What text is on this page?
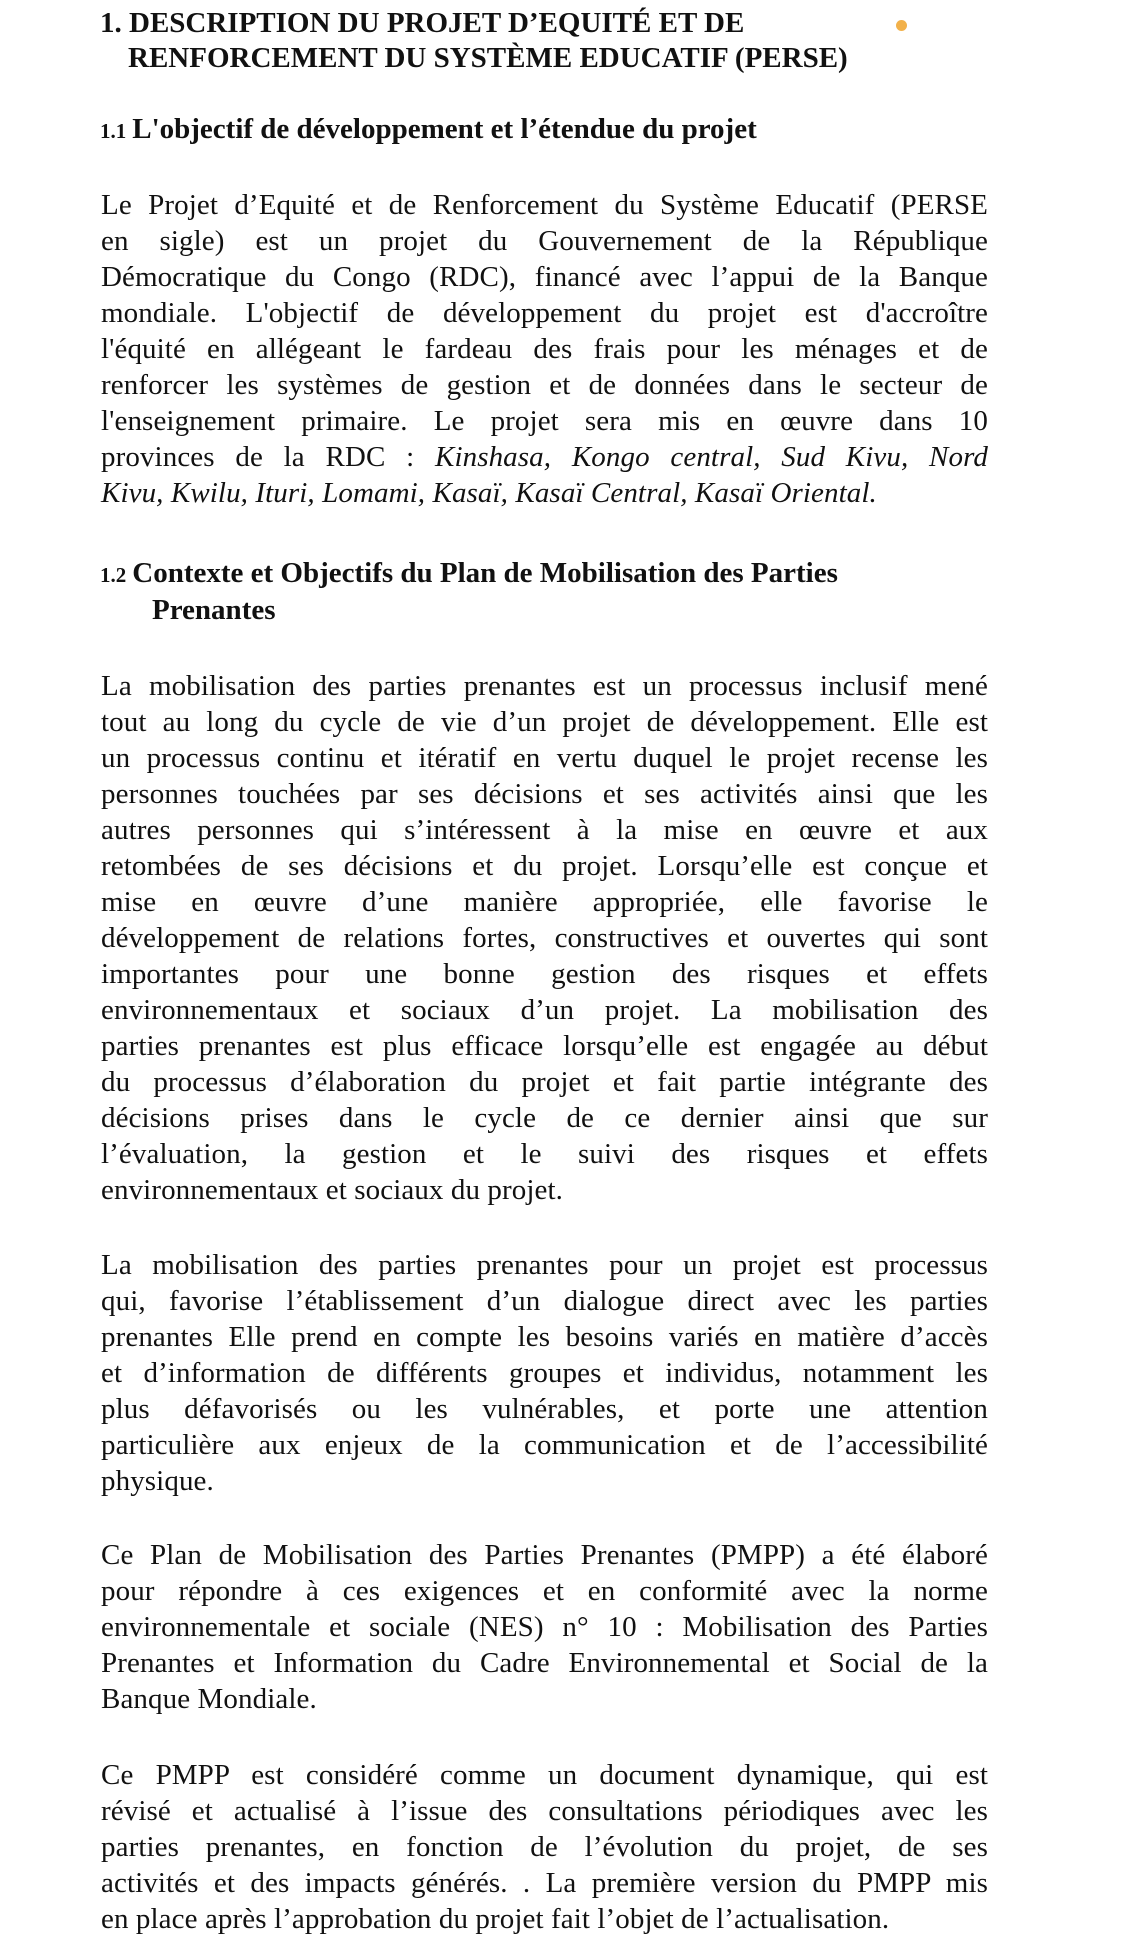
1. DESCRIPTION DU PROJET D’EQUITÉ ET DE
RENFORCEMENT DU SYSTÈME EDUCATIF (PERSE)
1.1 L'objectif de développement et l’étendue du projet
Le Projet d’Equité et de Renforcement du Système Educatif (PERSE
en sigle) est un projet du Gouvernement de la République
Démocratique du Congo (RDC), financé avec l’appui de la Banque
mondiale. L'objectif de développement du projet est d'accroître
l'équité en allégeant le fardeau des frais pour les ménages et de
renforcer les systèmes de gestion et de données dans le secteur de
l'enseignement primaire. Le projet sera mis en œuvre dans 10
provinces de la RDC : Kinshasa, Kongo central, Sud Kivu, Nord
Kivu, Kwilu, Ituri, Lomami, Kasaï, Kasaï Central, Kasaï Oriental.
1.2 Contexte et Objectifs du Plan de Mobilisation des Parties
Prenantes
La mobilisation des parties prenantes est un processus inclusif mené
tout au long du cycle de vie d’un projet de développement. Elle est
un processus continu et itératif en vertu duquel le projet recense les
personnes touchées par ses décisions et ses activités ainsi que les
autres personnes qui s’intéressent à la mise en œuvre et aux
retombées de ses décisions et du projet. Lorsqu’elle est conçue et
mise en œuvre d’une manière appropriée, elle favorise le
développement de relations fortes, constructives et ouvertes qui sont
importantes pour une bonne gestion des risques et effets
environnementaux et sociaux d’un projet. La mobilisation des
parties prenantes est plus efficace lorsqu’elle est engagée au début
du processus d’élaboration du projet et fait partie intégrante des
décisions prises dans le cycle de ce dernier ainsi que sur
l’évaluation, la gestion et le suivi des risques et effets
environnementaux et sociaux du projet.
La mobilisation des parties prenantes pour un projet est processus
qui, favorise l’établissement d’un dialogue direct avec les parties
prenantes Elle prend en compte les besoins variés en matière d’accès
et d’information de différents groupes et individus, notamment les
plus défavorisés ou les vulnérables, et porte une attention
particulière aux enjeux de la communication et de l’accessibilité
physique.
Ce Plan de Mobilisation des Parties Prenantes (PMPP) a été élaboré
pour répondre à ces exigences et en conformité avec la norme
environnementale et sociale (NES) n° 10 : Mobilisation des Parties
Prenantes et Information du Cadre Environnemental et Social de la
Banque Mondiale.
Ce PMPP est considéré comme un document dynamique, qui est
révisé et actualisé à l’issue des consultations périodiques avec les
parties prenantes, en fonction de l’évolution du projet, de ses
activités et des impacts générés. . La première version du PMPP mis
en place après l’approbation du projet fait l’objet de l’actualisation.
